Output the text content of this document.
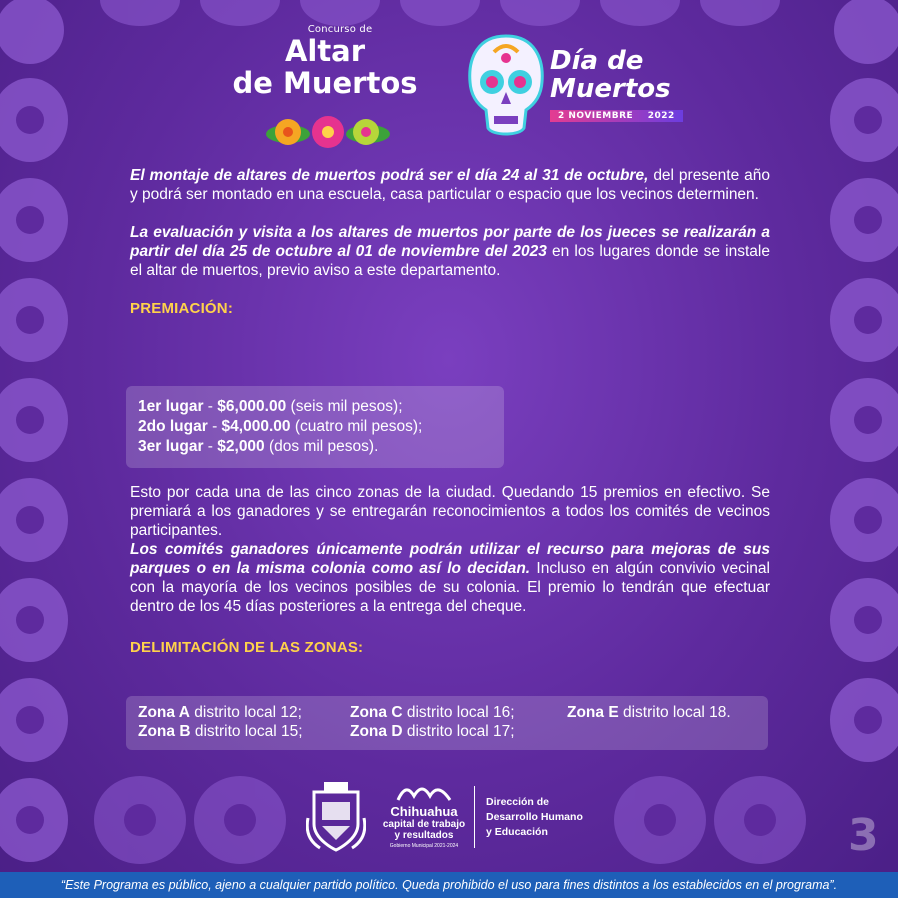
Concurso de
Altar
de Muertos
Día de
Muertos
2 NOVIEMBRE 2022

El montaje de altares de muertos podrá ser el día 24 al 31 de octubre, del presente año y podrá ser montado en una escuela, casa particular o espacio que los vecinos determinen.

La evaluación y visita a los altares de muertos por parte de los jueces se realizarán a partir del día 25 de octubre al 01 de noviembre del 2023 en los lugares donde se instale el altar de muertos, previo aviso a este departamento.

PREMIACIÓN:

1er lugar - $6,000.00 (seis mil pesos);
2do lugar - $4,000.00 (cuatro mil pesos);
3er lugar - $2,000 (dos mil pesos).

Esto por cada una de las cinco zonas de la ciudad. Quedando 15 premios en efectivo. Se premiará a los ganadores y se entregarán reconocimientos a todos los comités de vecinos participantes.

Los comités ganadores únicamente podrán utilizar el recurso para mejoras de sus parques o en la misma colonia como así lo decidan. Incluso en algún convivio vecinal con la mayoría de los vecinos posibles de su colonia. El premio lo tendrán que efectuar dentro de los 45 días posteriores a la entrega del cheque.

DELIMITACIÓN DE LAS ZONAS:

Zona A distrito local 12;	Zona C distrito local 16;	Zona E distrito local 18.
Zona B distrito local 15;	Zona D distrito local 17;
Chihuahua
capital de trabajo
y resultados
Gobierno Municipal 2021-2024
Dirección de
Desarrollo Humano
y Educación	3
“Este Programa es público, ajeno a cualquier partido político. Queda prohibido el uso para fines distintos a los establecidos en el programa”.
